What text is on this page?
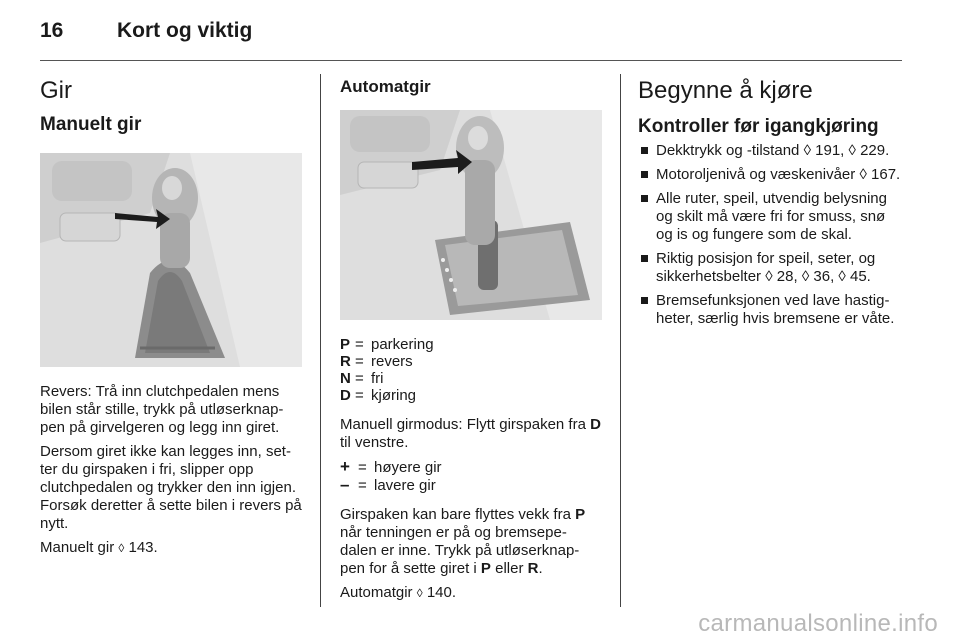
16	Kort og viktig
Gir
Manuelt gir

Revers: Trå inn clutchpedalen mens bilen står stille, trykk på utløserknap- pen på girvelgeren og legg inn giret.

Dersom giret ikke kan legges inn, set- ter du girspaken i fri, slipper opp clutchpedalen og trykker den inn igjen. Forsøk deretter å sette bilen i revers på nytt.

Manuelt gir ◊ 143.

Automatgir
P = parkering
R = revers
N = fri
D = kjøring

Manuell girmodus: Flytt girspaken fra D til venstre.

+ = høyere gir
– = lavere gir

Girspaken kan bare flyttes vekk fra P når tenningen er på og bremsepe- dalen er inne. Trykk på utløserknap- pen for å sette giret i P eller R.

Automatgir ◊ 140.

Begynne å kjøre
Kontroller før igangkjøring
Dekktrykk og -tilstand ◊ 191, ◊ 229.
Motoroljenivå og væskenivåer ◊ 167.
Alle ruter, speil, utvendig belysning og skilt må være fri for smuss, snø og is og fungere som de skal.
Riktig posisjon for speil, seter, og sikkerhetsbelter ◊ 28, ◊ 36, ◊ 45.
Bremsefunksjonen ved lave hastig- heter, særlig hvis bremsene er våte.
carmanualsonline.info
